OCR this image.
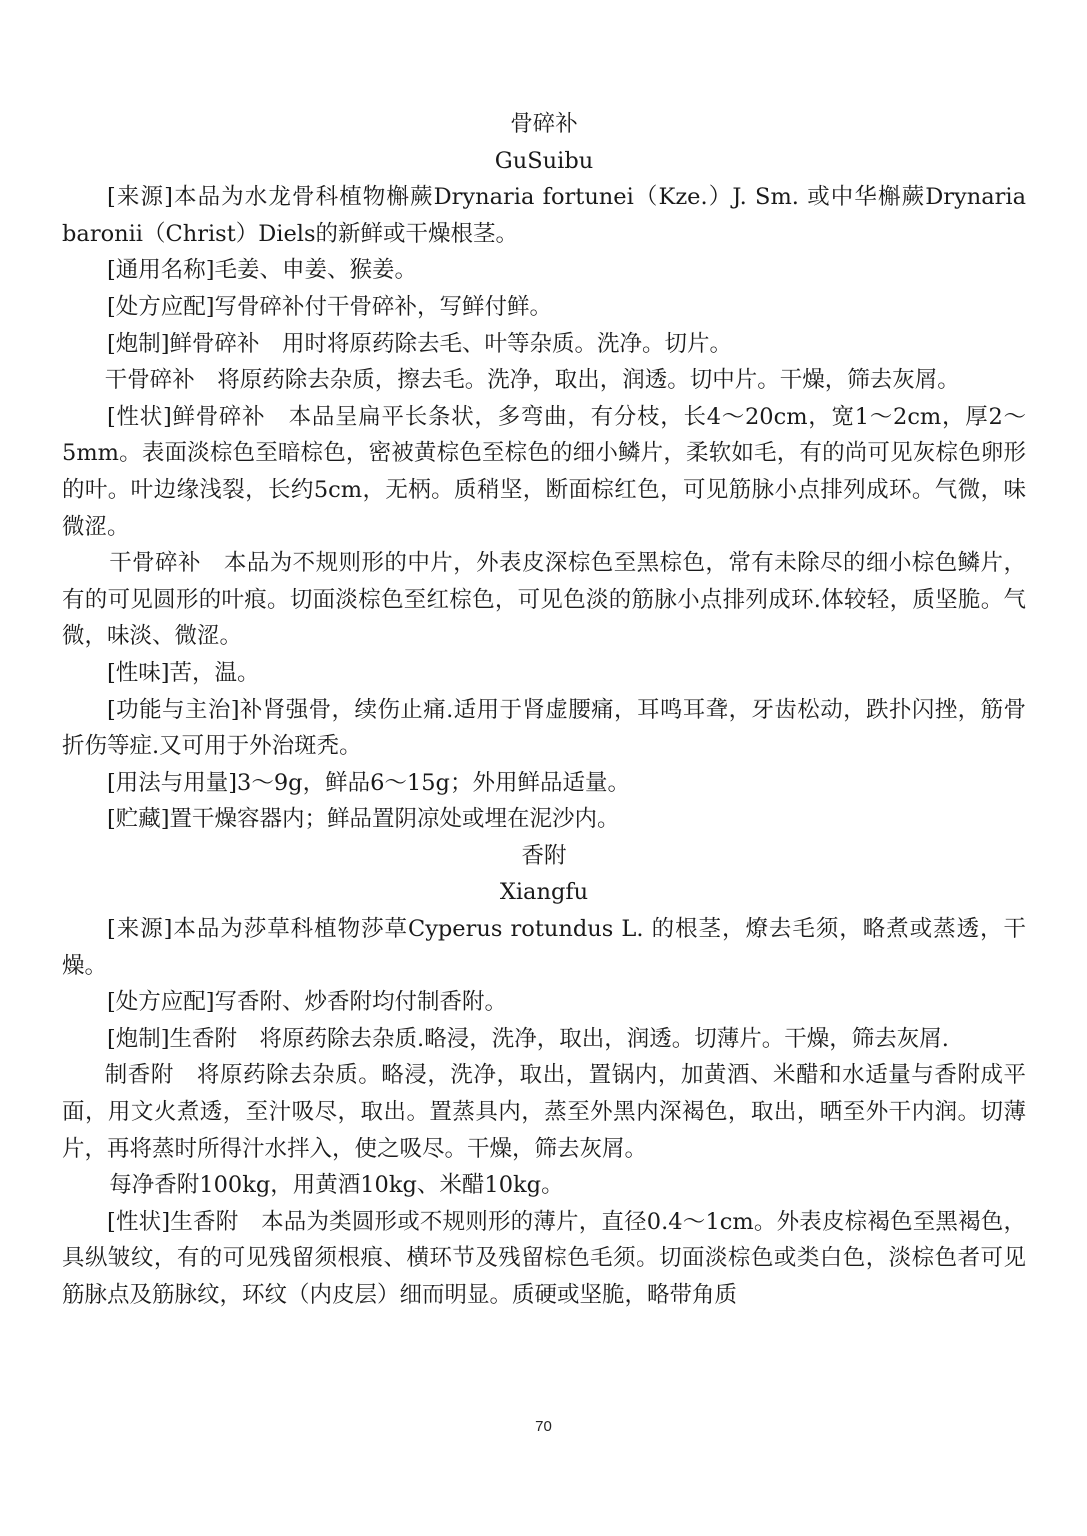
骨碎补

GuSuibu

[来源]本品为水龙骨科植物槲蕨Drynaria fortunei（Kze.）J. Sm. 或中华槲蕨Drynaria baronii（Christ）Diels的新鲜或干燥根茎。

[通用名称]毛姜、申姜、猴姜。

[处方应配]写骨碎补付干骨碎补，写鲜付鲜。

[炮制]鲜骨碎补　用时将原药除去毛、叶等杂质。洗净。切片。

干骨碎补　将原药除去杂质，擦去毛。洗净，取出，润透。切中片。干燥，筛去灰屑。

[性状]鲜骨碎补　本品呈扁平长条状，多弯曲，有分枝，长4～20cm，宽1～2cm，厚2～5mm。表面淡棕色至暗棕色，密被黄棕色至棕色的细小鳞片，柔软如毛，有的尚可见灰棕色卵形的叶。叶边缘浅裂，长约5cm，无柄。质稍坚，断面棕红色，可见筋脉小点排列成环。气微，味微涩。

干骨碎补　本品为不规则形的中片，外表皮深棕色至黑棕色，常有未除尽的细小棕色鳞片，有的可见圆形的叶痕。切面淡棕色至红棕色，可见色淡的筋脉小点排列成环.体较轻，质坚脆。气微，味淡、微涩。

[性味]苦，温。

[功能与主治]补肾强骨，续伤止痛.适用于肾虚腰痛，耳鸣耳聋，牙齿松动，跌扑闪挫，筋骨折伤等症.又可用于外治斑秃。

[用法与用量]3～9g，鲜品6～15g；外用鲜品适量。

[贮藏]置干燥容器内；鲜品置阴凉处或埋在泥沙内。

香附

Xiangfu

[来源]本品为莎草科植物莎草Cyperus rotundus L. 的根茎，燎去毛须，略煮或蒸透，干燥。

[处方应配]写香附、炒香附均付制香附。

[炮制]生香附　将原药除去杂质.略浸，洗净，取出，润透。切薄片。干燥，筛去灰屑.

制香附　将原药除去杂质。略浸，洗净，取出，置锅内，加黄酒、米醋和水适量与香附成平面，用文火煮透，至汁吸尽，取出。置蒸具内，蒸至外黑内深褐色，取出，晒至外干内润。切薄片，再将蒸时所得汁水拌入，使之吸尽。干燥，筛去灰屑。

每净香附100kg，用黄酒10kg、米醋10kg。

[性状]生香附　本品为类圆形或不规则形的薄片，直径0.4～1cm。外表皮棕褐色至黑褐色，具纵皱纹，有的可见残留须根痕、横环节及残留棕色毛须。切面淡棕色或类白色，淡棕色者可见筋脉点及筋脉纹，环纹（内皮层）细而明显。质硬或坚脆，略带角质

70
